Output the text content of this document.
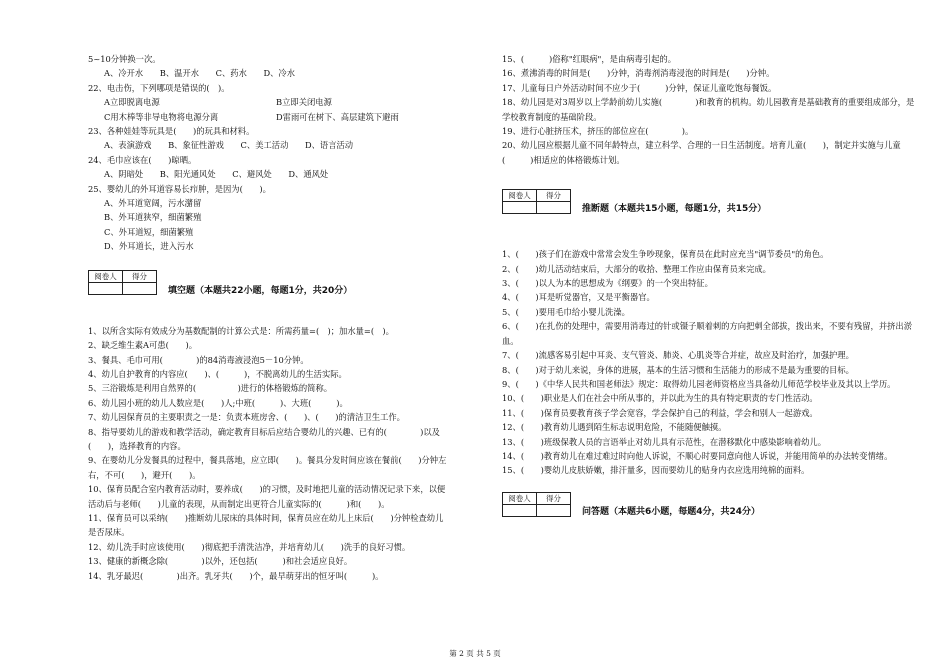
5~10分钟换一次。
A、冷开水　　B、温开水　　C、药水　　D、冷水
22、电击伤，下列哪项是错误的(　)。
A立即脱离电源	B立即关闭电源
C用木棒等非导电物将电源分离	D雷雨可在树下、高层建筑下避雨
23、各种娃娃等玩具是(　　)的玩具和材料。
A、表演游戏　　B、象征性游戏　　C、美工活动　　D、语言活动
24、毛巾应该在(　　)晾晒。
A、阴暗处　　B、阳光通风处　　C、避风处　　D、通风处
25、婴幼儿的外耳道容易长疖肿，是因为(　　)。
A、外耳道宽阔，污水潴留
B、外耳道狭窄，细菌繁殖
C、外耳道短，细菌繁殖
D、外耳道长，进入污水
阅卷人	得分

填空题（本题共22小题，每题1分，共20分）
1、以所含实际有效成分为基数配制的计算公式是：所需药量=(　)；加水量=(　)。
2、缺乏维生素A可患(　　)。
3、餐具、毛巾可用(　　　　)的84消毒液浸泡5－10分钟。
4、幼儿自护教育的内容应(　　)、(　　　)，不脱离幼儿的生活实际。
5、三浴锻炼是利用自然界的(　　　　　)进行的体格锻炼的简称。
6、幼儿园小班的幼儿人数应是(　　)人;中班(　　　)、大班(　　　)。
7、幼儿园保育员的主要职责之一是：负责本班房舍、(　　)、(　　)的清洁卫生工作。
8、指导要幼儿的游戏和教学活动，确定教育目标后应结合婴幼儿的兴趣、已有的(　　　　)以及(　　)，选择教育的内容。
9、在婴幼儿分发餐具的过程中，餐具落地，应立即(　　)。餐具分发时间应该在餐前(　　)分钟左右，不可(　　)，避开(　　)。
10、保育员配合室内教育活动时，要养成(　　)的习惯，及时地把儿童的活动情况记录下来，以便活动后与老师(　　)儿童的表现，从而制定出更符合儿童实际的(　　　)和(　　)。
11、保育员可以采纳(　　)推断幼儿尿床的具体时间，保育员应在幼儿上床后(　　)分钟检查幼儿是否尿床。
12、幼儿洗手时应该使用(　　)彻底把手清洗洁净，并培育幼儿(　　)洗手的良好习惯。
13、健康的新概念除(　　　　)以外，还包括(　　　)和社会适应良好。
14、乳牙最迟(　　　　)出齐。乳牙共(　　)个，最早萌芽出的恒牙叫(　　　)。
15、(　　　)俗称"红眼病"，是由病毒引起的。
16、煮沸消毒的时间是(　　)分钟，消毒剂消毒浸泡的时间是(　　)分钟。
17、儿童每日户外活动时间不应少于(　　　)分钟，保证儿童吃饱每餐饭。
18、幼儿园是对3周岁以上学龄前幼儿实施(　　　　)和教育的机构。幼儿园教育是基础教育的重要组成部分，是学校教育制度的基础阶段。
19、进行心脏挤压术，挤压的部位应在(　　　　)。
20、幼儿园应根据儿童不同年龄特点，建立科学、合理的一日生活制度。培育儿童(　　)，制定并实施与儿童(　　　)相适应的体格锻炼计划。
阅卷人	得分

推断题（本题共15小题，每题1分，共15分）
1、(　　)孩子们在游戏中常常会发生争吵现象，保育员在此时应充当"调节委员"的角色。
2、(　　)幼儿活动结束后，大部分的收拾、整理工作应由保育员来完成。
3、(　　)以人为本的思想成为《纲要》的一个突出特征。
4、(　　)耳是听觉器官，又是平衡器官。
5、(　　)要用毛巾给小婴儿洗澡。
6、(　　)在扎伤的处理中，需要用消毒过的针或镊子顺着刺的方向把刺全部拔，拨出来，不要有残留，并挤出淤血。
7、(　　)流感客易引起中耳炎、支气管炎、肺炎、心肌炎等合并症，故应及时治疗，加强护理。
8、(　　)对于幼儿来说，身体的进展，基本的生活习惯和生活能力的形成不是最为重要的目标。
9、(　　)《中华人民共和国老师法》规定：取得幼儿园老师资格应当具备幼儿师范学校毕业及其以上学历。
10、(　　)职业是人们在社会中所从事的，并以此为生的具有特定职责的专门性活动。
11、(　　)保育员要教育孩子学会宽容，学会保护自己的利益，学会和别人一起游戏。
12、(　　)教育幼儿遇到陌生标志说明危险，不能随便触摸。
13、(　　)班级保教人员的言语举止对幼儿具有示范性，在潜移默化中感染影响着幼儿。
14、(　　)教育幼儿在难过难过时向他人诉说，不顺心时要同意向他人诉说，并能用简单的办法转变情绪。
15、(　　)婴幼儿皮肤娇嫩，排汗量多，因而要幼儿的贴身内衣应选用纯棉的面料。
阅卷人	得分

问答题（本题共6小题，每题4分，共24分）
第 2 页 共 5 页
